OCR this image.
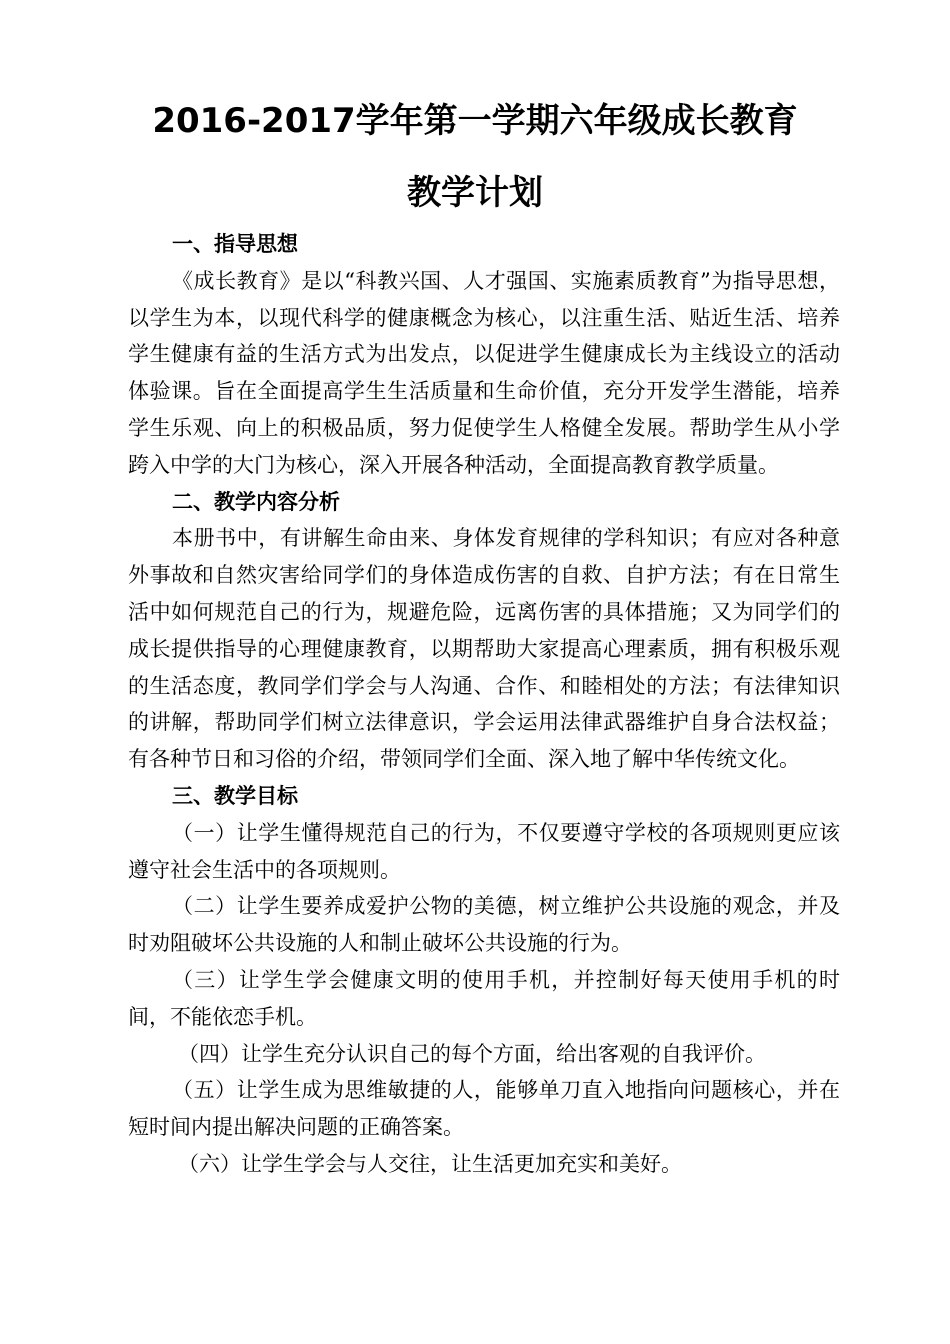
2016-2017学年第一学期六年级成长教育
教学计划
一、指导思想

《成长教育》是以“科教兴国、人才强国、实施素质教育”为指导思想，以学生为本，以现代科学的健康概念为核心，以注重生活、贴近生活、培养学生健康有益的生活方式为出发点，以促进学生健康成长为主线设立的活动体验课。旨在全面提高学生生活质量和生命价值，充分开发学生潜能，培养学生乐观、向上的积极品质，努力促使学生人格健全发展。帮助学生从小学跨入中学的大门为核心，深入开展各种活动，全面提高教育教学质量。

二、教学内容分析

本册书中，有讲解生命由来、身体发育规律的学科知识；有应对各种意外事故和自然灾害给同学们的身体造成伤害的自救、自护方法；有在日常生活中如何规范自己的行为，规避危险，远离伤害的具体措施；又为同学们的成长提供指导的心理健康教育，以期帮助大家提高心理素质，拥有积极乐观的生活态度，教同学们学会与人沟通、合作、和睦相处的方法；有法律知识的讲解，帮助同学们树立法律意识，学会运用法律武器维护自身合法权益；有各种节日和习俗的介绍，带领同学们全面、深入地了解中华传统文化。

三、教学目标

（一）让学生懂得规范自己的行为，不仅要遵守学校的各项规则更应该遵守社会生活中的各项规则。

（二）让学生要养成爱护公物的美德，树立维护公共设施的观念，并及时劝阻破坏公共设施的人和制止破坏公共设施的行为。

（三）让学生学会健康文明的使用手机，并控制好每天使用手机的时间，不能依恋手机。

（四）让学生充分认识自己的每个方面，给出客观的自我评价。

（五）让学生成为思维敏捷的人，能够单刀直入地指向问题核心，并在短时间内提出解决问题的正确答案。

（六）让学生学会与人交往，让生活更加充实和美好。
